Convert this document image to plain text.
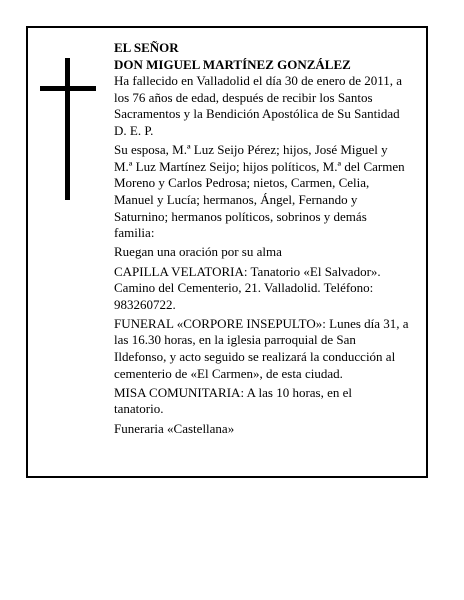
EL SEÑOR

DON MIGUEL MARTÍNEZ GONZÁLEZ

Ha fallecido en Valladolid el día 30 de enero de 2011, a
los 76 años de edad, después de recibir los Santos
Sacramentos y la Bendición Apostólica de Su Santidad
D. E. P.

Su esposa, M.ª Luz Seijo Pérez; hijos, José Miguel y
M.ª Luz Martínez Seijo; hijos políticos, M.ª del Carmen
Moreno y Carlos Pedrosa; nietos, Carmen, Celia,
Manuel y Lucía; hermanos, Ángel, Fernando y
Saturnino; hermanos políticos, sobrinos y demás
familia:

Ruegan una oración por su alma

CAPILLA VELATORIA: Tanatorio «El Salvador».
Camino del Cementerio, 21. Valladolid. Teléfono:
983260722.

FUNERAL «CORPORE INSEPULTO»: Lunes día 31, a
las 16.30 horas, en la iglesia parroquial de San
Ildefonso, y acto seguido se realizará la conducción al
cementerio de «El Carmen», de esta ciudad.

MISA COMUNITARIA: A las 10 horas, en el
tanatorio.

Funeraria «Castellana»
